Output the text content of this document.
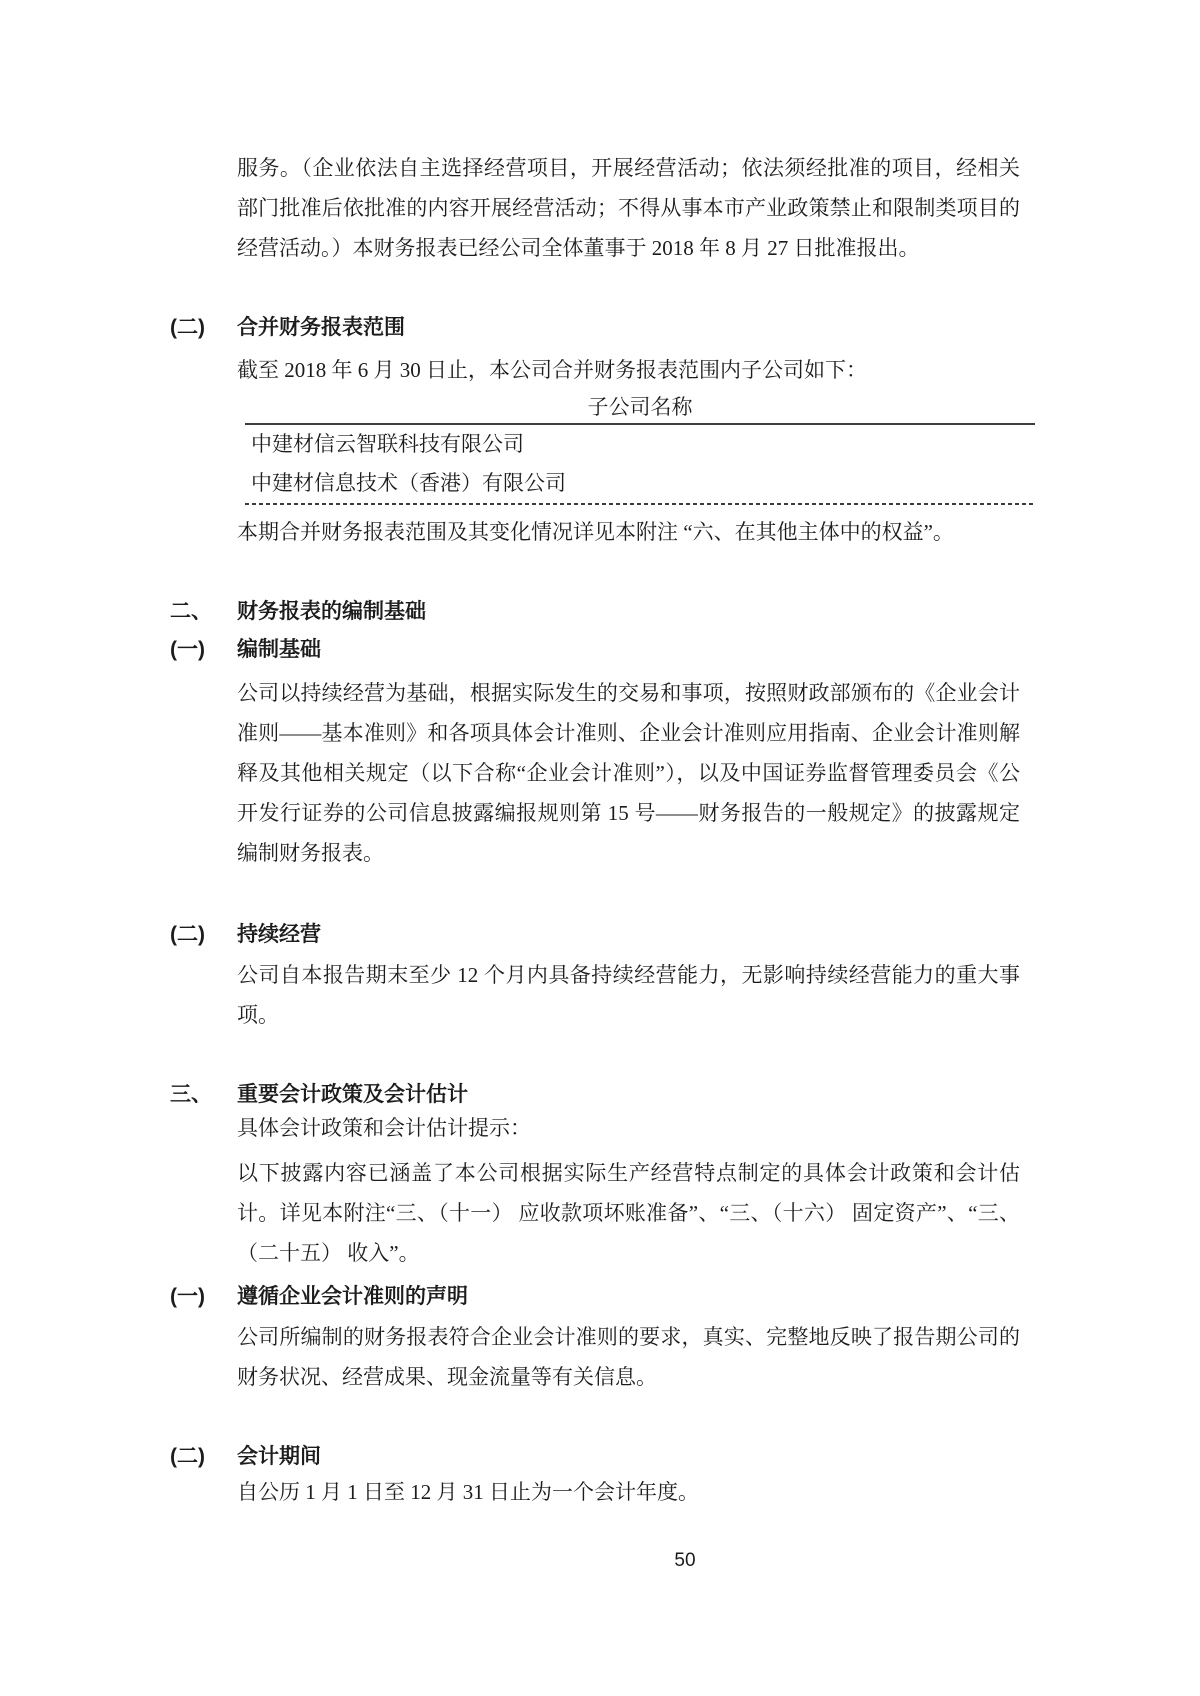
服务。（企业依法自主选择经营项目，开展经营活动；依法须经批准的项目，经相关部门批准后依批准的内容开展经营活动；不得从事本市产业政策禁止和限制类项目的经营活动。）本财务报表已经公司全体董事于 2018 年 8 月 27 日批准报出。
(二) 合并财务报表范围
截至 2018 年 6 月 30 日止，本公司合并财务报表范围内子公司如下：
子公司名称
中建材信云智联科技有限公司
中建材信息技术（香港）有限公司
本期合并财务报表范围及其变化情况详见本附注 “六、在其他主体中的权益”。
二、 财务报表的编制基础
(一) 编制基础
公司以持续经营为基础，根据实际发生的交易和事项，按照财政部颁布的《企业会计准则——基本准则》和各项具体会计准则、企业会计准则应用指南、企业会计准则解释及其他相关规定（以下合称“企业会计准则”），以及中国证券监督管理委员会《公开发行证券的公司信息披露编报规则第 15 号——财务报告的一般规定》的披露规定编制财务报表。
(二) 持续经营
公司自本报告期末至少 12 个月内具备持续经营能力，无影响持续经营能力的重大事项。
三、 重要会计政策及会计估计
具体会计政策和会计估计提示：
以下披露内容已涵盖了本公司根据实际生产经营特点制定的具体会计政策和会计估计。详见本附注“三、（十一） 应收款项坏账准备”、“三、（十六） 固定资产”、“三、（二十五） 收入”。
(一) 遵循企业会计准则的声明
公司所编制的财务报表符合企业会计准则的要求，真实、完整地反映了报告期公司的财务状况、经营成果、现金流量等有关信息。
(二) 会计期间
自公历 1 月 1 日至 12 月 31 日止为一个会计年度。
50
